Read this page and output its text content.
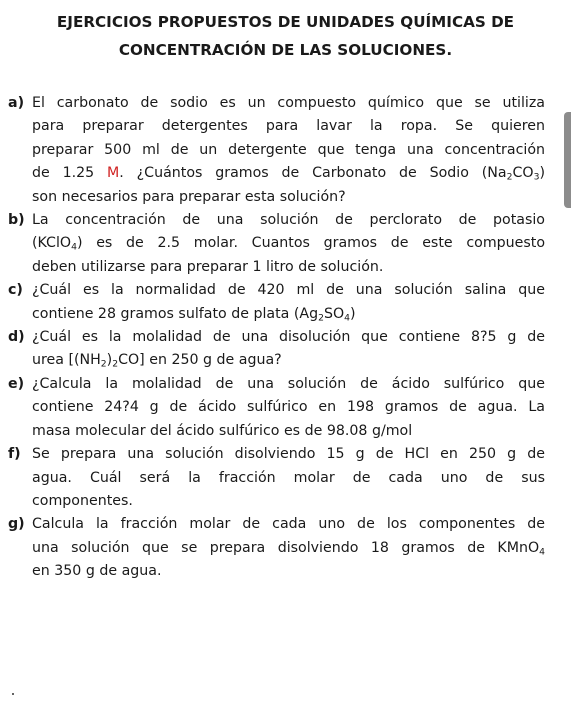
EJERCICIOS PROPUESTOS DE UNIDADES QUÍMICAS DE
CONCENTRACIÓN DE LAS SOLUCIONES.
a) El carbonato de sodio es un compuesto químico que se utiliza
para preparar detergentes para lavar la ropa. Se quieren
preparar 500 ml de un detergente que tenga una concentración
de 1.25 M. ¿Cuántos gramos de Carbonato de Sodio $(Na_2CO_3)$
son necesarios para preparar esta solución?
b) La concentración de una solución de perclorato de potasio
(KClO$_4$) es de 2.5 molar. Cuantos gramos de este compuesto
deben utilizarse para preparar 1 litro de solución.
c) ¿Cuál es la normalidad de 420 ml de una solución salina que
contiene 28 gramos sulfato de plata $(Ag_2SO_4)$
d) ¿Cuál es la molalidad de una disolución que contiene 8?5 g de
urea $[(NH_2)_2CO]$ en 250 g de agua?
e) ¿Calcula la molalidad de una solución de ácido sulfúrico que
contiene 24?4 g de ácido sulfúrico en 198 gramos de agua. La
masa molecular del ácido sulfúrico es de 98.08 g/mol
f) Se prepara una solución disolviendo 15 g de HCl en 250 g de
agua. Cuál será la fracción molar de cada uno de sus
componentes.
g) Calcula la fracción molar de cada uno de los componentes de
una solución que se prepara disolviendo 18 gramos de KMnO$_4$
en 350 g de agua.
